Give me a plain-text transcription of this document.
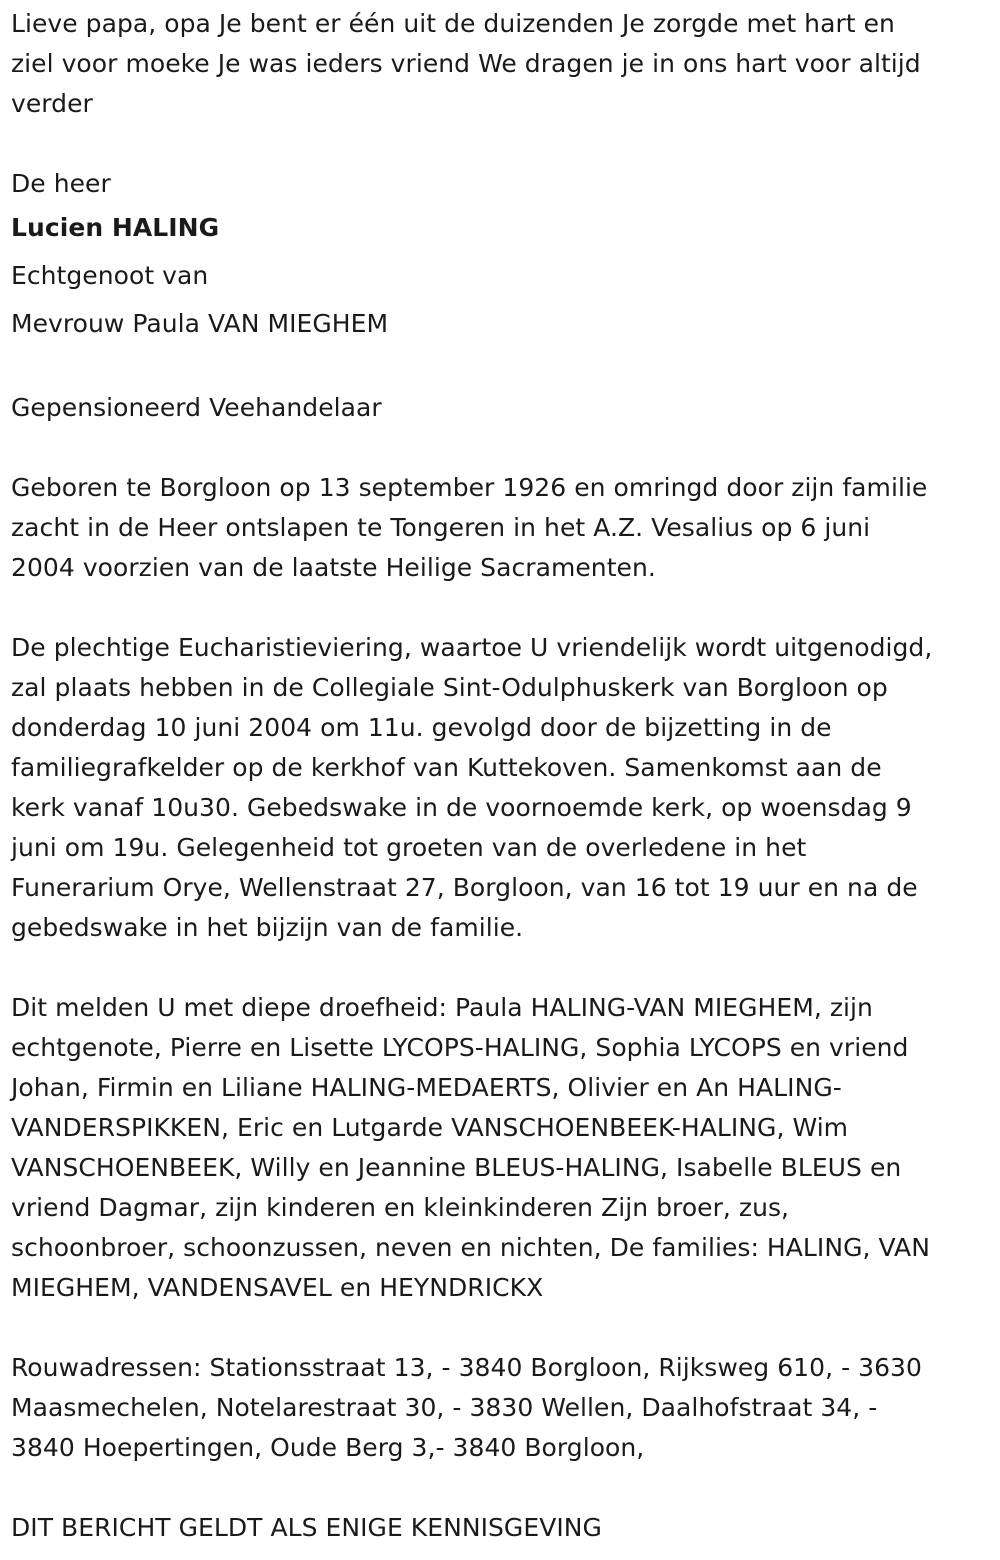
Lieve papa, opa Je bent er één uit de duizenden Je zorgde met hart en
ziel voor moeke Je was ieders vriend We dragen je in ons hart voor altijd
verder
De heer
Lucien HALING
Echtgenoot van
Mevrouw Paula VAN MIEGHEM
Gepensioneerd Veehandelaar
Geboren te Borgloon op 13 september 1926 en omringd door zijn familie
zacht in de Heer ontslapen te Tongeren in het A.Z. Vesalius op 6 juni
2004 voorzien van de laatste Heilige Sacramenten.
De plechtige Eucharistieviering, waartoe U vriendelijk wordt uitgenodigd,
zal plaats hebben in de Collegiale Sint-Odulphuskerk van Borgloon op
donderdag 10 juni 2004 om 11u. gevolgd door de bijzetting in de
familiegrafkelder op de kerkhof van Kuttekoven. Samenkomst aan de
kerk vanaf 10u30. Gebedswake in de voornoemde kerk, op woensdag 9
juni om 19u. Gelegenheid tot groeten van de overledene in het
Funerarium Orye, Wellenstraat 27, Borgloon, van 16 tot 19 uur en na de
gebedswake in het bijzijn van de familie.
Dit melden U met diepe droefheid: Paula HALING-VAN MIEGHEM, zijn
echtgenote, Pierre en Lisette LYCOPS-HALING, Sophia LYCOPS en vriend
Johan, Firmin en Liliane HALING-MEDAERTS, Olivier en An HALING-
VANDERSPIKKEN, Eric en Lutgarde VANSCHOENBEEK-HALING, Wim
VANSCHOENBEEK, Willy en Jeannine BLEUS-HALING, Isabelle BLEUS en
vriend Dagmar, zijn kinderen en kleinkinderen Zijn broer, zus,
schoonbroer, schoonzussen, neven en nichten, De families: HALING, VAN
MIEGHEM, VANDENSAVEL en HEYNDRICKX
Rouwadressen: Stationsstraat 13, - 3840 Borgloon, Rijksweg 610, - 3630
Maasmechelen, Notelarestraat 30, - 3830 Wellen, Daalhofstraat 34, -
3840 Hoepertingen, Oude Berg 3,- 3840 Borgloon,
DIT BERICHT GELDT ALS ENIGE KENNISGEVING
